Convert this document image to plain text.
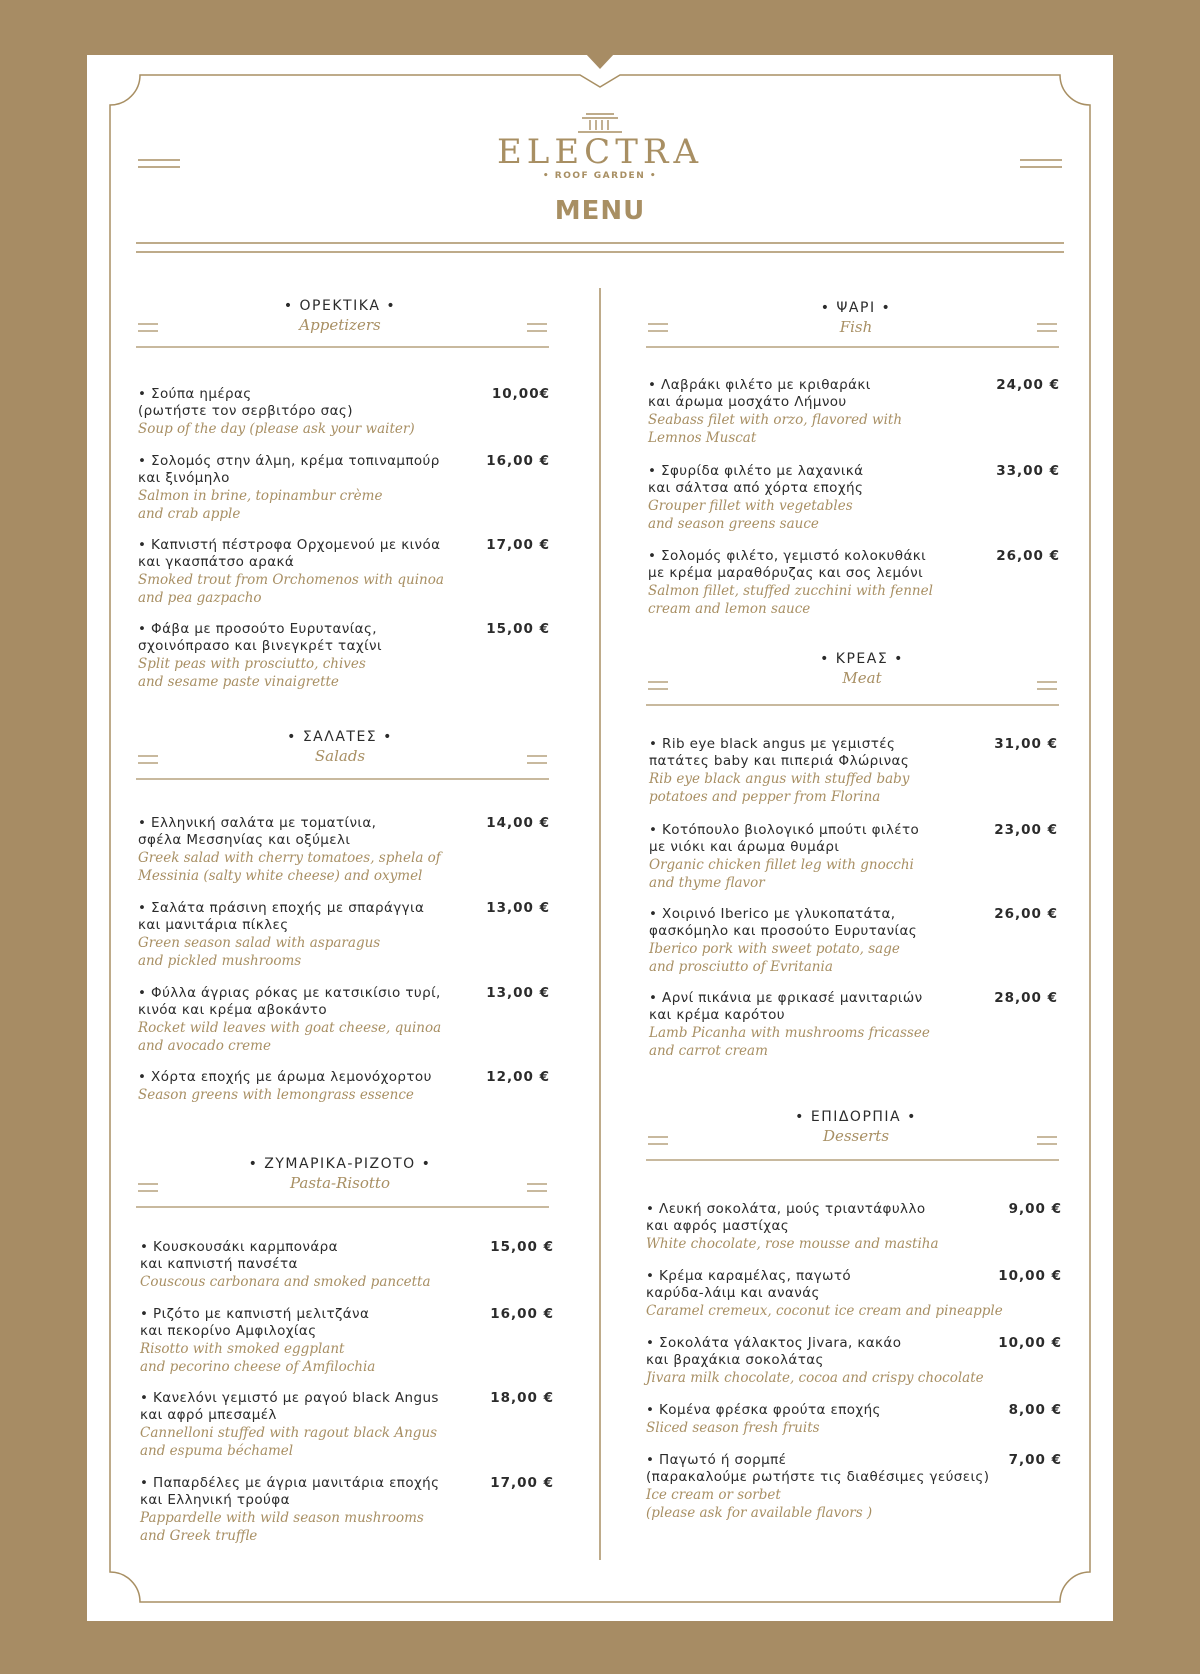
ELECTRA
• ROOF GARDEN •
MENU
• ΟΡΕΚΤΙΚΑ •
Appetizers
• Σούπα ημέρας
(ρωτήστε τον σερβιτόρο σας)
Soup of the day (please ask your waiter)
10,00€
• Σολομός στην άλμη, κρέμα τοπιναμπούρ
και ξινόμηλο
Salmon in brine, topinambur crème
and crab apple
16,00 €
• Καπνιστή πέστροφα Ορχομενού με κινόα
και γκασπάτσο αρακά
Smoked trout from Orchomenos with quinoa
and pea gazpacho
17,00 €
• Φάβα με προσούτο Ευρυτανίας,
σχοινόπρασο και βινεγκρέτ ταχίνι
Split peas with prosciutto, chives
and sesame paste vinaigrette
15,00 €
• ΣΑΛΑΤΕΣ •
Salads
• Ελληνική σαλάτα με τοματίνια,
σφέλα Μεσσηνίας και οξύμελι
Greek salad with cherry tomatoes, sphela of
Messinia (salty white cheese) and oxymel
14,00 €
• Σαλάτα πράσινη εποχής με σπαράγγια
και μανιτάρια πίκλες
Green season salad with asparagus
and pickled mushrooms
13,00 €
• Φύλλα άγριας ρόκας με κατσικίσιο τυρί,
κινόα και κρέμα αβοκάντο
Rocket wild leaves with goat cheese, quinoa
and avocado creme
13,00 €
• Χόρτα εποχής με άρωμα λεμονόχορτου
Season greens with lemongrass essence
12,00 €
• ΖΥΜΑΡΙΚΑ-ΡΙΖΟΤΟ •
Pasta-Risotto
• Κουσκουσάκι καρμπονάρα
και καπνιστή πανσέτα
Couscous carbonara and smoked pancetta
15,00 €
• Ριζότο με καπνιστή μελιτζάνα
και πεκορίνο Αμφιλοχίας
Risotto with smoked eggplant
and pecorino cheese of Amfilochia
16,00 €
• Κανελόνι γεμιστό με ραγού black Angus
και αφρό μπεσαμέλ
Cannelloni stuffed with ragout black Angus
and espuma béchamel
18,00 €
• Παπαρδέλες με άγρια μανιτάρια εποχής
και Ελληνική τρούφα
Pappardelle with wild season mushrooms
and Greek truffle
17,00 €
• ΨΑΡΙ •
Fish
• Λαβράκι φιλέτο με κριθαράκι
και άρωμα μοσχάτο Λήμνου
Seabass filet with orzo, flavored with
Lemnos Muscat
24,00 €
• Σφυρίδα φιλέτο με λαχανικά
και σάλτσα από χόρτα εποχής
Grouper fillet with vegetables
and season greens sauce
33,00 €
• Σολομός φιλέτο, γεμιστό κολοκυθάκι
με κρέμα μαραθόρυζας και σος λεμόνι
Salmon fillet, stuffed zucchini with fennel
cream and lemon sauce
26,00 €
• ΚΡΕΑΣ •
Meat
• Rib eye black angus με γεμιστές
πατάτες baby και πιπεριά Φλώρινας
Rib eye black angus with stuffed baby
potatoes and pepper from Florina
31,00 €
• Κοτόπουλο βιολογικό μπούτι φιλέτο
με νιόκι και άρωμα θυμάρι
Organic chicken fillet leg with gnocchi
and thyme flavor
23,00 €
• Χοιρινό Iberico με γλυκοπατάτα,
φασκόμηλο και προσούτο Ευρυτανίας
Iberico pork with sweet potato, sage
and prosciutto of Evritania
26,00 €
• Αρνί πικάνια με φρικασέ μανιταριών
και κρέμα καρότου
Lamb Picanha with mushrooms fricassee
and carrot cream
28,00 €
• ΕΠΙΔΟΡΠΙΑ •
Desserts
• Λευκή σοκολάτα, μούς τριαντάφυλλο
και αφρός μαστίχας
White chocolate, rose mousse and mastiha
9,00 €
• Κρέμα καραμέλας, παγωτό
καρύδα-λάιμ και ανανάς
Caramel cremeux, coconut ice cream and pineapple
10,00 €
• Σοκολάτα γάλακτος Jivara, κακάο
και βραχάκια σοκολάτας
Jivara milk chocolate, cocoa and crispy chocolate
10,00 €
• Κομένα φρέσκα φρούτα εποχής
Sliced season fresh fruits
8,00 €
• Παγωτό ή σορμπέ
(παρακαλούμε ρωτήστε τις διαθέσιμες γεύσεις)
Ice cream or sorbet
(please ask for available flavors )
7,00 €
